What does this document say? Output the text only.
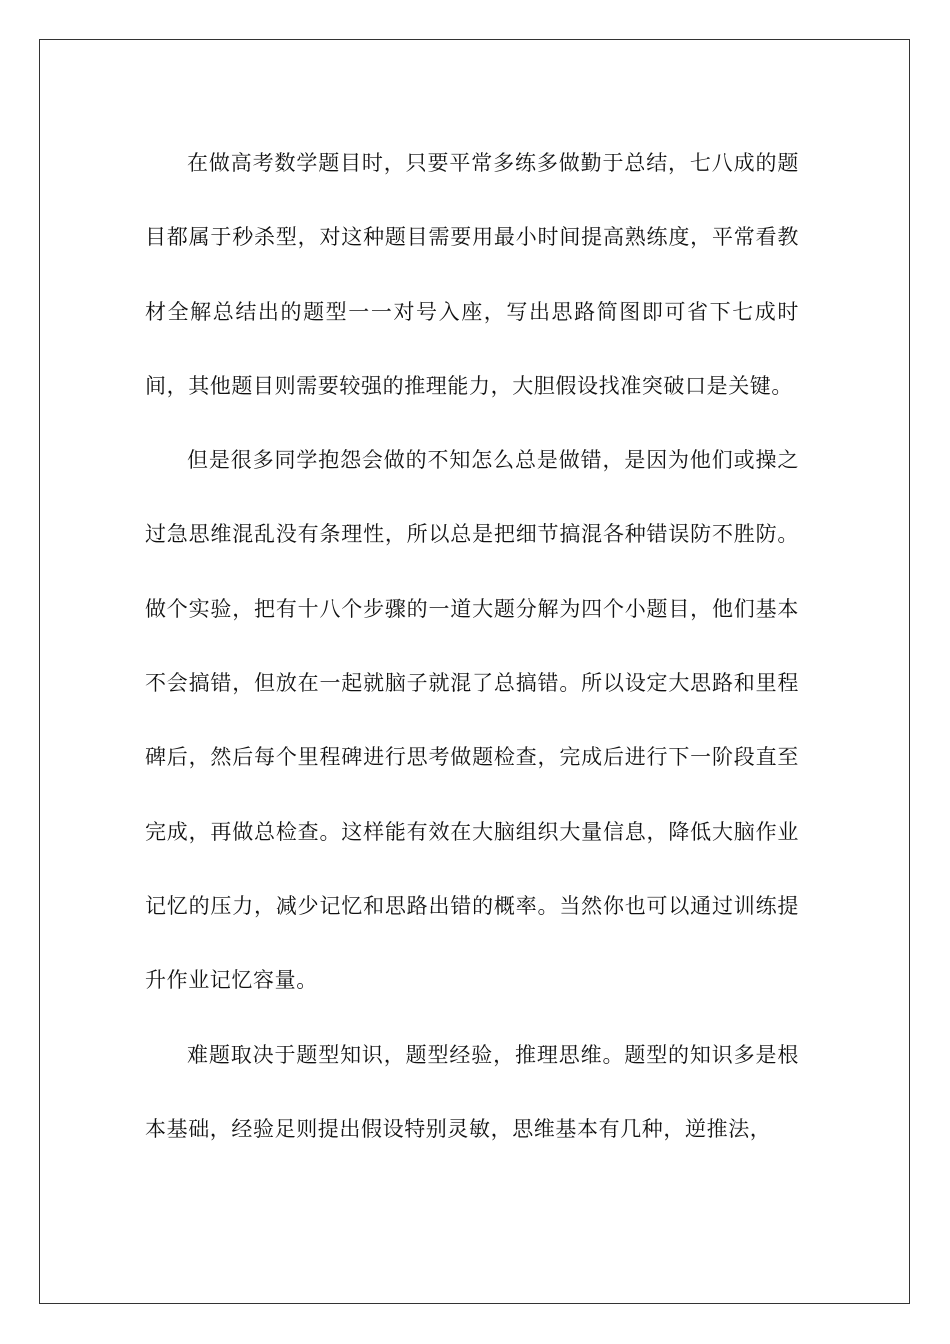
在做高考数学题目时，只要平常多练多做勤于总结，七八成的题目都属于秒杀型，对这种题目需要用最小时间提高熟练度，平常看教材全解总结出的题型一一对号入座，写出思路简图即可省下七成时间，其他题目则需要较强的推理能力，大胆假设找准突破口是关键。

但是很多同学抱怨会做的不知怎么总是做错，是因为他们或操之过急思维混乱没有条理性，所以总是把细节搞混各种错误防不胜防。做个实验，把有十八个步骤的一道大题分解为四个小题目，他们基本不会搞错，但放在一起就脑子就混了总搞错。所以设定大思路和里程碑后，然后每个里程碑进行思考做题检查，完成后进行下一阶段直至完成，再做总检查。这样能有效在大脑组织大量信息，降低大脑作业记忆的压力，减少记忆和思路出错的概率。当然你也可以通过训练提升作业记忆容量。

难题取决于题型知识，题型经验，推理思维。题型的知识多是根本基础，经验足则提出假设特别灵敏，思维基本有几种，逆推法，
